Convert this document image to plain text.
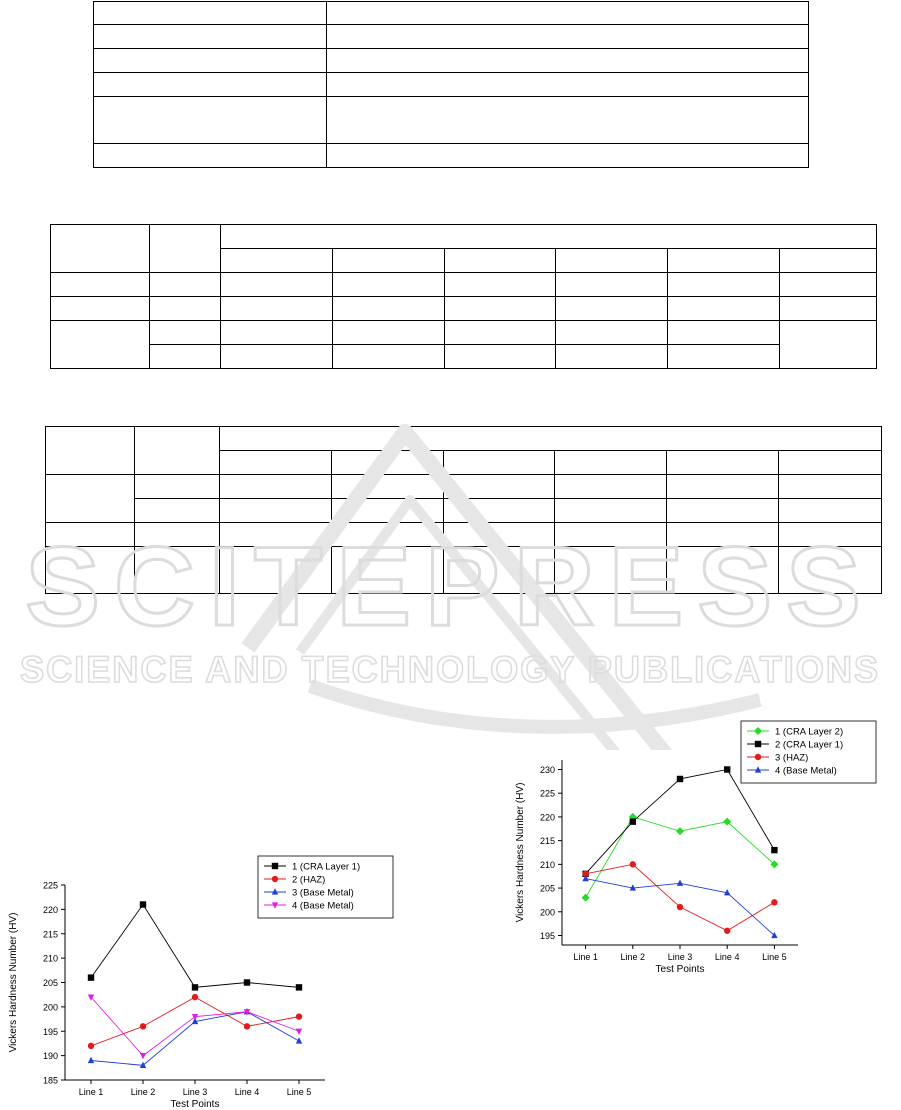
SCITEPRESS
SCIENCE AND TECHNOLOGY PUBLICATIONS
185
190
195
200
205
210
215
220
225
Line 1	Line 2	Line 3	Line 4	Line 5
Test Points
Vickers Hardness Number (HV)
1 (CRA Layer 1)
2 (HAZ)
3 (Base Metal)
4 (Base Metal)
195
200
205
210
215
220
225
230
Line 1	Line 2	Line 3	Line 4	Line 5
Test Points
Vickers Hardness Number (HV)
1 (CRA Layer 2)
2 (CRA Layer 1)
3 (HAZ)
4 (Base Metal)
